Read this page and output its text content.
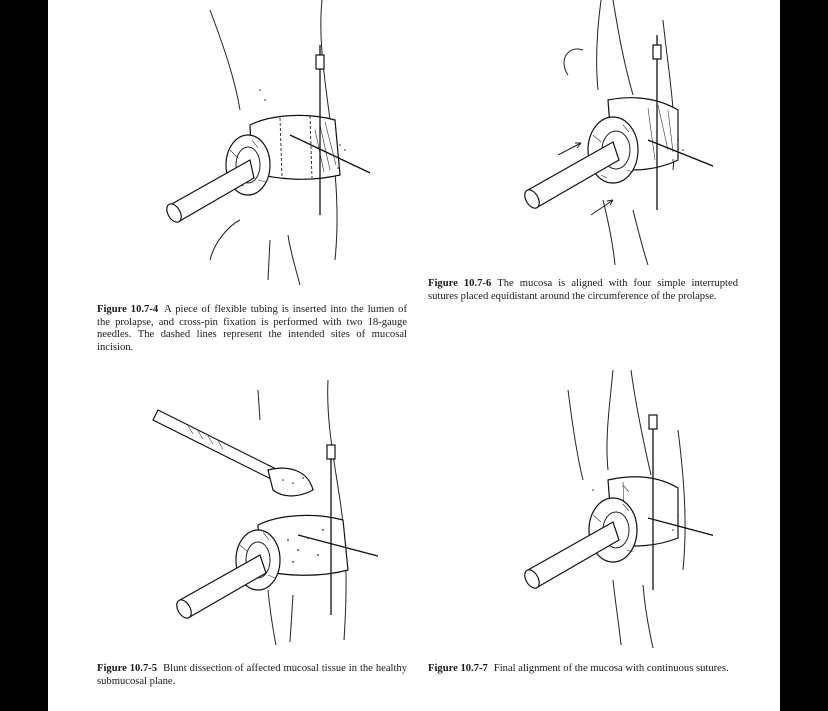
Figure 10.7-4 A piece of flexible tubing is inserted into the lumen of the prolapse, and cross-pin fixation is performed with two 18-gauge needles. The dashed lines represent the intended sites of mucosal incision.
Figure 10.7-6 The mucosa is aligned with four simple interrupted sutures placed equidistant around the circumference of the prolapse.
Figure 10.7-5 Blunt dissection of affected mucosal tissue in the healthy submucosal plane.
Figure 10.7-7 Final alignment of the mucosa with continuous sutures.
